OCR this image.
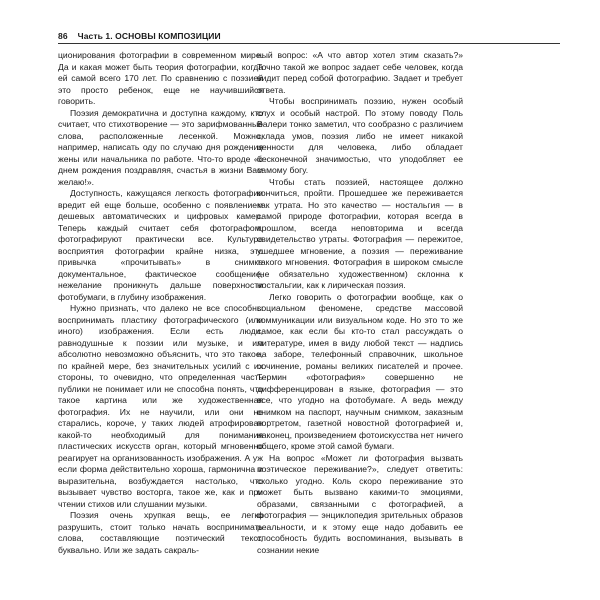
86 Часть 1. ОСНОВЫ КОМПОЗИЦИИ

ционирования фотографии в современном мире. Да и какая может быть теория фотографии, когда ей самой всего 170 лет. По сравнению с поэзией это просто ребенок, еще не научившийся говорить.

Поэзия демократична и доступна каждому, кто считает, что стихотворение — это зарифмованные слова, расположенные лесенкой. Можно, например, написать оду по случаю дня рождения жены или начальника по работе. Что-то вроде «с днем рождения поздравляя, счастья в жизни Вам желаю!».

Доступность, кажущаяся легкость фотографии вредит ей еще больше, особенно с появлением дешевых автоматических и цифровых камер. Теперь каждый считает себя фотографом, фотографируют практически все. Культура восприятия фотографии крайне низка, это привычка «прочитывать» в снимке документальное, фактическое сообщение, нежелание проникнуть дальше поверхности фотобумаги, в глубину изображения.

Нужно признать, что далеко не все способны воспринимать пластику фотографического (или иного) изображения. Если есть люди, равнодушные к поэзии или музыке, и им абсолютно невозможно объяснить, что это такое, по крайней мере, без значительных усилий с их стороны, то очевидно, что определенная часть публики не понимает или не способна понять, что такое картина или же художественная фотография. Их не научили, или они не старались, короче, у таких людей атрофирован какой-то необходимый для понимания пластических искусств орган, который мгновенно реагирует на организованность изображения. А уж если форма действительно хороша, гармонична и выразительна, возбуждается настолько, что вызывает чувство восторга, такое же, как и при чтении стихов или слушании музыки.

Поэзия очень хрупкая вещь, ее легко разрушить, стоит только начать воспринимать слова, составляющие поэтический текст, буквально. Или же задать сакраль-

ный вопрос: «А что автор хотел этим сказать?» Точно такой же вопрос задает себе человек, когда видит перед собой фотографию. Задает и требует ответа.

Чтобы воспринимать поэзию, нужен особый слух и особый настрой. По этому поводу Поль Валери тонко заметил, что сообразно с различием склада умов, поэзия либо не имеет никакой ценности для человека, либо обладает бесконечной значимостью, что уподобляет ее самому богу.

Чтобы стать поэзией, настоящее должно кончиться, пройти. Прошедшее же переживается как утрата. Но это качество — ностальгия — в самой природе фотографии, которая всегда в прошлом, всегда неповторима и всегда свидетельство утраты. Фотография — пережитое, ушедшее мгновение, а поэзия — переживание такого мгновения. Фотография в широком смысле (не обязательно художественном) склонна к ностальгии, как к лирическая поэзия.

Легко говорить о фотографии вообще, как о социальном феномене, средстве массовой коммуникации или визуальном коде. Но это то же самое, как если бы кто-то стал рассуждать о литературе, имея в виду любой текст — надпись на заборе, телефонный справочник, школьное сочинение, романы великих писателей и прочее. Термин «фотография» совершенно не дифференцирован в языке, фотография — это все, что угодно на фотобумаге. А ведь между снимком на паспорт, научным снимком, заказным портретом, газетной новостной фотографией и, наконец, произведением фотоискусства нет ничего общего, кроме этой самой бумаги.

На вопрос «Может ли фотография вызвать поэтическое переживание?», следует ответить: сколько угодно. Коль скоро переживание это может быть вызвано какими-то эмоциями, образами, связанными с фотографией, а фотография — энциклопедия зрительных образов реальности, и к этому еще надо добавить ее способность будить воспоминания, вызывать в сознании некие
